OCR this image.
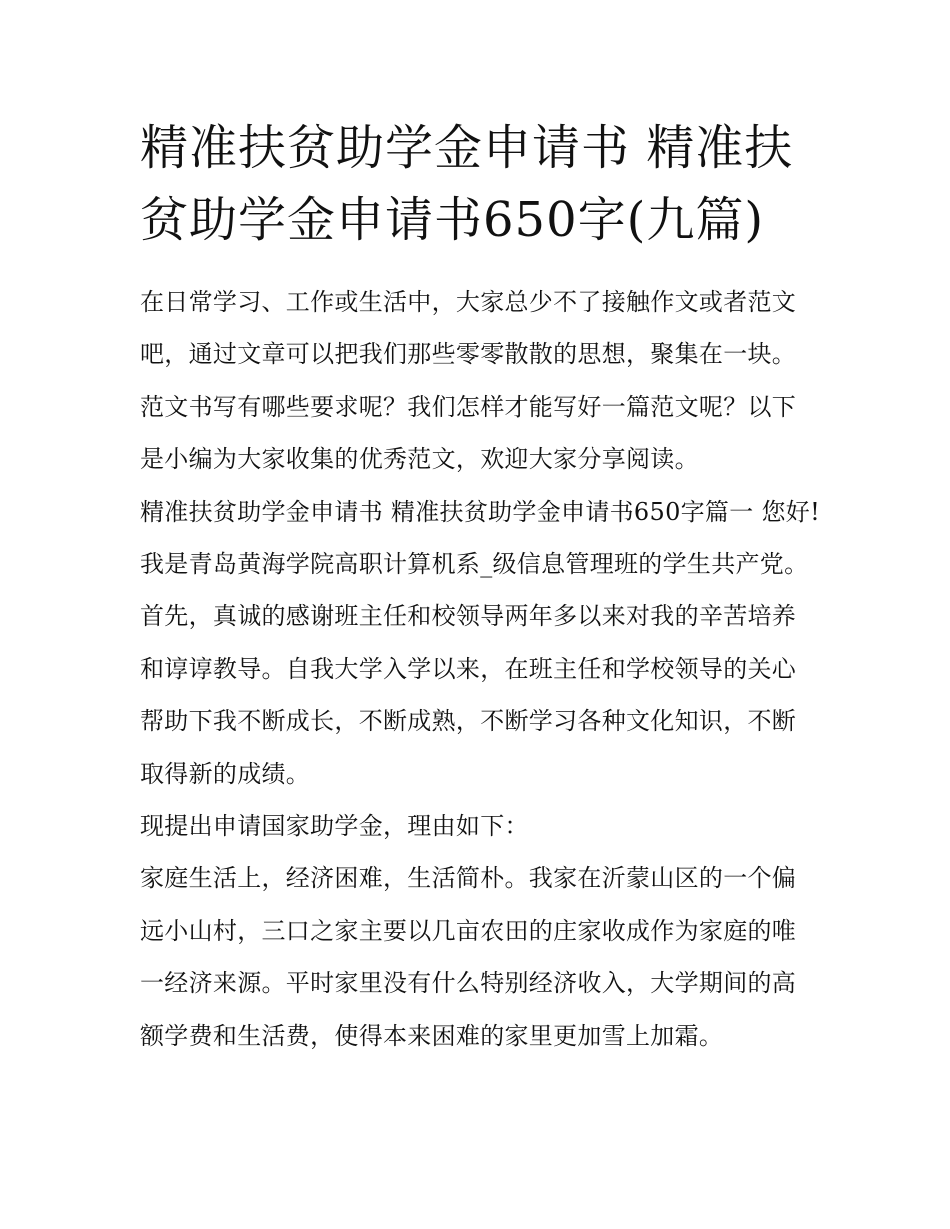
精准扶贫助学金申请书 精准扶贫助学金申请书650字(九篇)

在日常学习、工作或生活中，大家总少不了接触作文或者范文吧，通过文章可以把我们那些零零散散的思想，聚集在一块。范文书写有哪些要求呢？我们怎样才能写好一篇范文呢？以下是小编为大家收集的优秀范文，欢迎大家分享阅读。

精准扶贫助学金申请书 精准扶贫助学金申请书650字篇一 您好!

我是青岛黄海学院高职计算机系_级信息管理班的学生共产党。首先，真诚的感谢班主任和校领导两年多以来对我的辛苦培养和谆谆教导。自我大学入学以来，在班主任和学校领导的关心帮助下我不断成长，不断成熟，不断学习各种文化知识，不断取得新的成绩。

现提出申请国家助学金，理由如下：

家庭生活上，经济困难，生活简朴。我家在沂蒙山区的一个偏远小山村，三口之家主要以几亩农田的庄家收成作为家庭的唯一经济来源。平时家里没有什么特别经济收入，大学期间的高额学费和生活费，使得本来困难的家里更加雪上加霜。
